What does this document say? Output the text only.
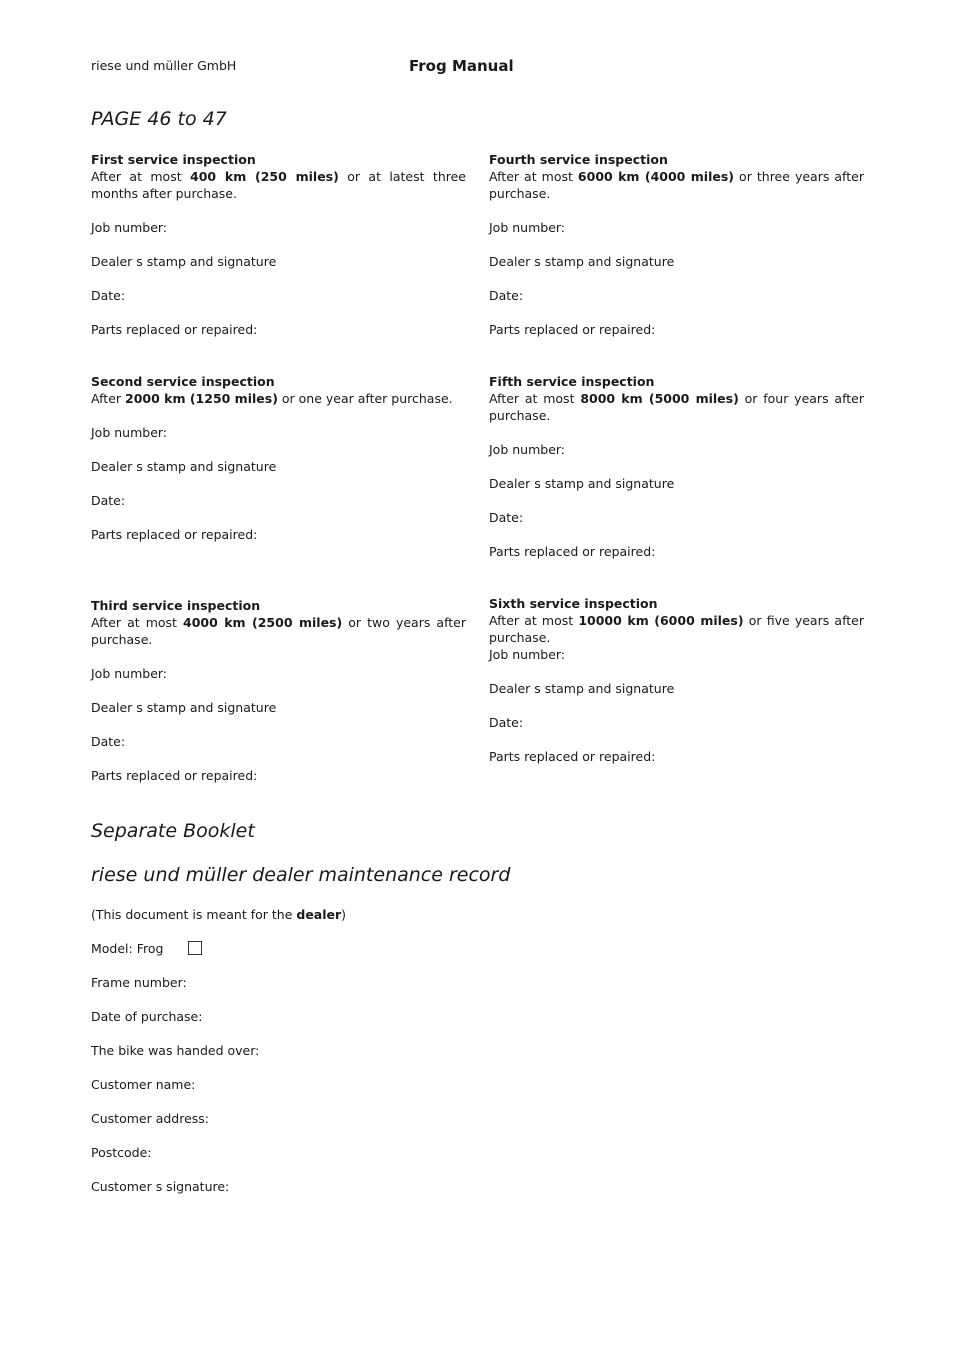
riese und müller GmbH	Frog Manual
PAGE 46 to 47
First service inspection
After at most 400 km (250 miles) or at latest three months after purchase.
Job number:
Dealer s stamp and signature
Date:
Parts replaced or repaired:
Fourth service inspection
After at most 6000 km (4000 miles) or three years after purchase.
Job number:
Dealer s stamp and signature
Date:
Parts replaced or repaired:
Second service inspection
After 2000 km (1250 miles) or one year after purchase.
Job number:
Dealer s stamp and signature
Date:
Parts replaced or repaired:
Fifth service inspection
After at most 8000 km (5000 miles) or four years after purchase.
Job number:
Dealer s stamp and signature
Date:
Parts replaced or repaired:
Third service inspection
After at most 4000 km (2500 miles) or two years after purchase.
Job number:
Dealer s stamp and signature
Date:
Parts replaced or repaired:
Sixth service inspection
After at most 10000 km (6000 miles) or five years after purchase.
Job number:
Dealer s stamp and signature
Date:
Parts replaced or repaired:
Separate Booklet
riese und müller dealer maintenance record
(This document is meant for the dealer)
Model: Frog
Frame number:
Date of purchase:
The bike was handed over:
Customer name:
Customer address:
Postcode:
Customer s signature:
